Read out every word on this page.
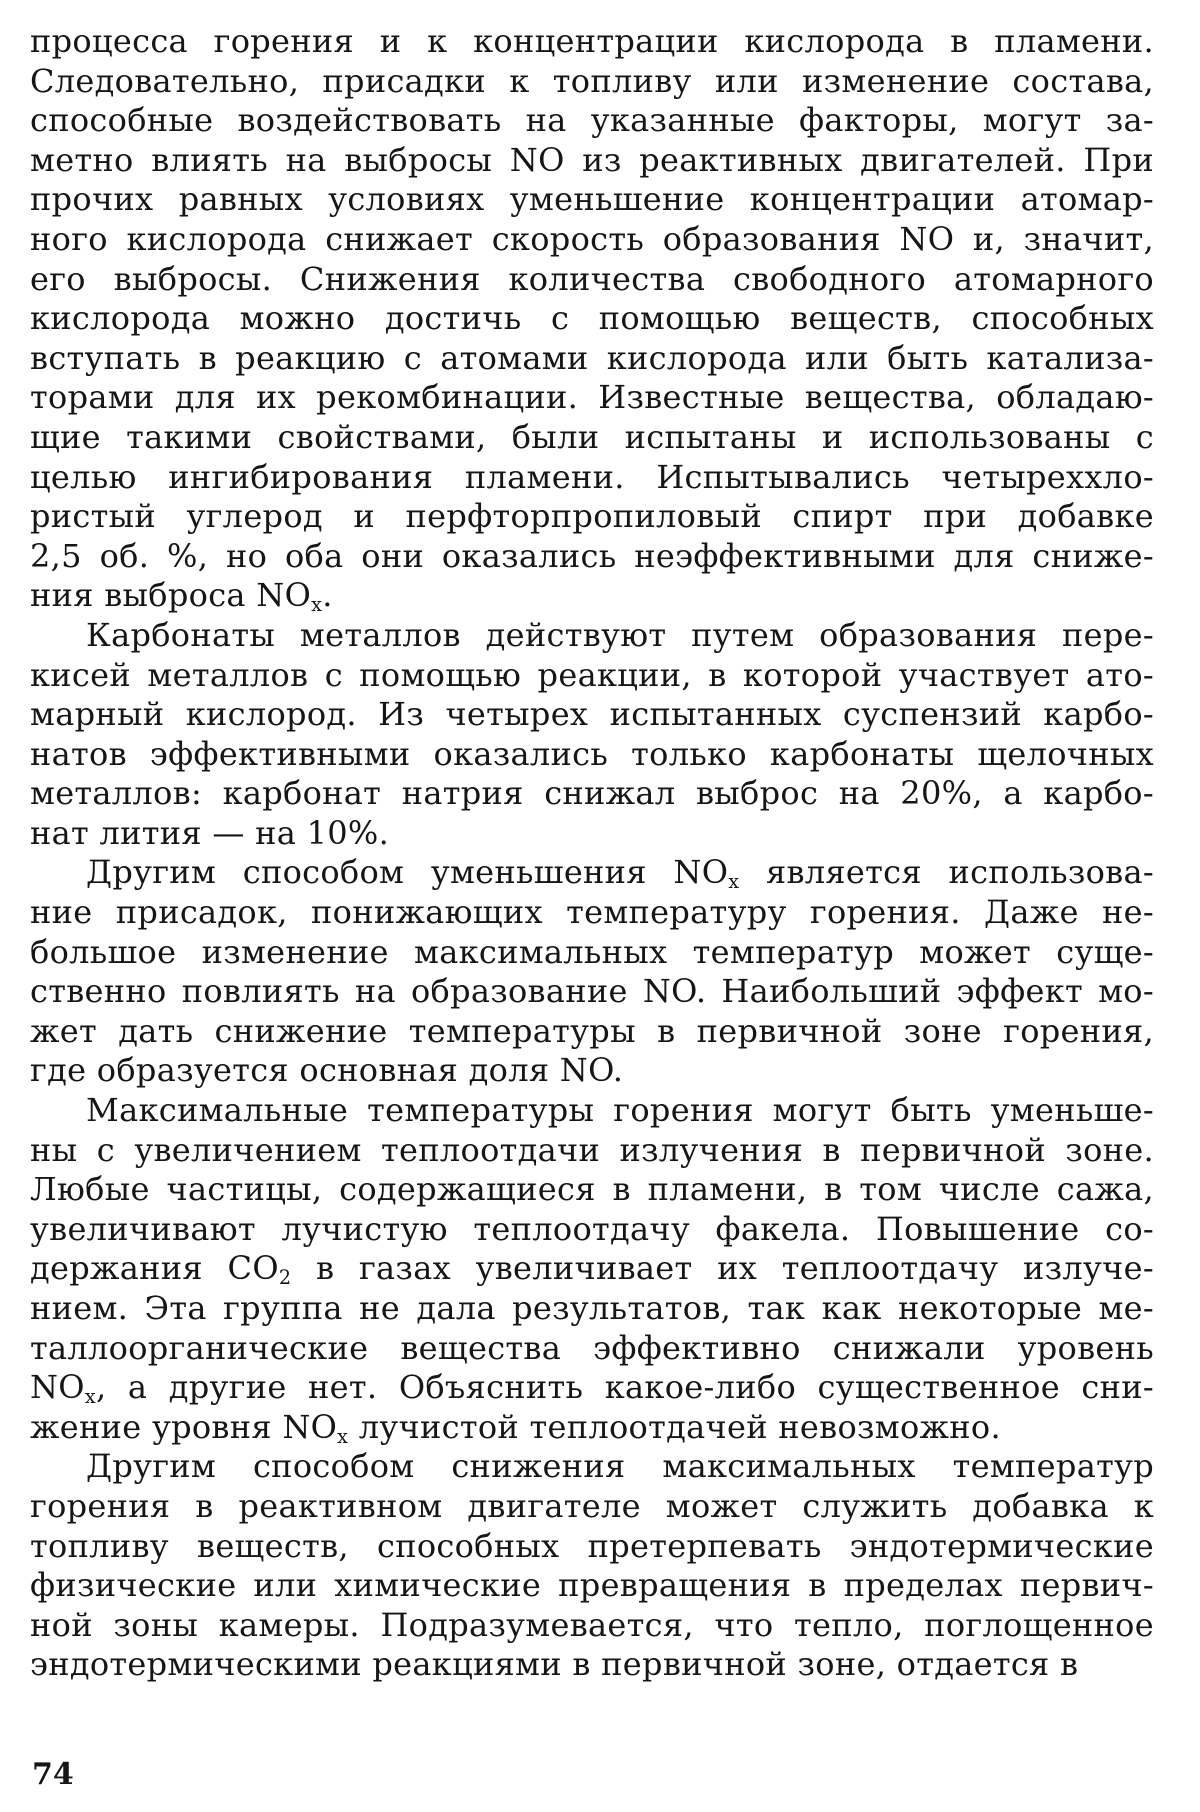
процесса горения и к концентрации кислорода в пламени.
Следовательно, присадки к топливу или изменение состава,
способные воздействовать на указанные факторы, могут за-
метно влиять на выбросы NO из реактивных двигателей. При
прочих равных условиях уменьшение концентрации атомар-
ного кислорода снижает скорость образования NO и, значит,
его выбросы. Снижения количества свободного атомарного
кислорода можно достичь с помощью веществ, способных
вступать в реакцию с атомами кислорода или быть катализа-
торами для их рекомбинации. Известные вещества, обладаю-
щие такими свойствами, были испытаны и использованы с
целью ингибирования пламени. Испытывались четыреххло-
ристый углерод и перфторпропиловый спирт при добавке
2,5 об. %, но оба они оказались неэффективными для сниже-
ния выброса $NO_x$.
Карбонаты металлов действуют путем образования пере-
кисей металлов с помощью реакции, в которой участвует ато-
марный кислород. Из четырех испытанных суспензий карбо-
натов эффективными оказались только карбонаты щелочных
металлов: карбонат натрия снижал выброс на 20%, а карбо-
нат лития — на 10%.
Другим способом уменьшения $NO_x$ является использова-
ние присадок, понижающих температуру горения. Даже не-
большое изменение максимальных температур может суще-
ственно повлиять на образование NO. Наибольший эффект мо-
жет дать снижение температуры в первичной зоне горения,
где образуется основная доля NO.
Максимальные температуры горения могут быть уменьше-
ны с увеличением теплоотдачи излучения в первичной зоне.
Любые частицы, содержащиеся в пламени, в том числе сажа,
увеличивают лучистую теплоотдачу факела. Повышение со-
держания $CO_2$ в газах увеличивает их теплоотдачу излуче-
нием. Эта группа не дала результатов, так как некоторые ме-
таллоорганические вещества эффективно снижали уровень
$NO_x$, а другие нет. Объяснить какое-либо существенное сни-
жение уровня $NO_x$ лучистой теплоотдачей невозможно.
Другим способом снижения максимальных температур
горения в реактивном двигателе может служить добавка к
топливу веществ, способных претерпевать эндотермические
физические или химические превращения в пределах первич-
ной зоны камеры. Подразумевается, что тепло, поглощенное
эндотермическими реакциями в первичной зоне, отдается в
74
